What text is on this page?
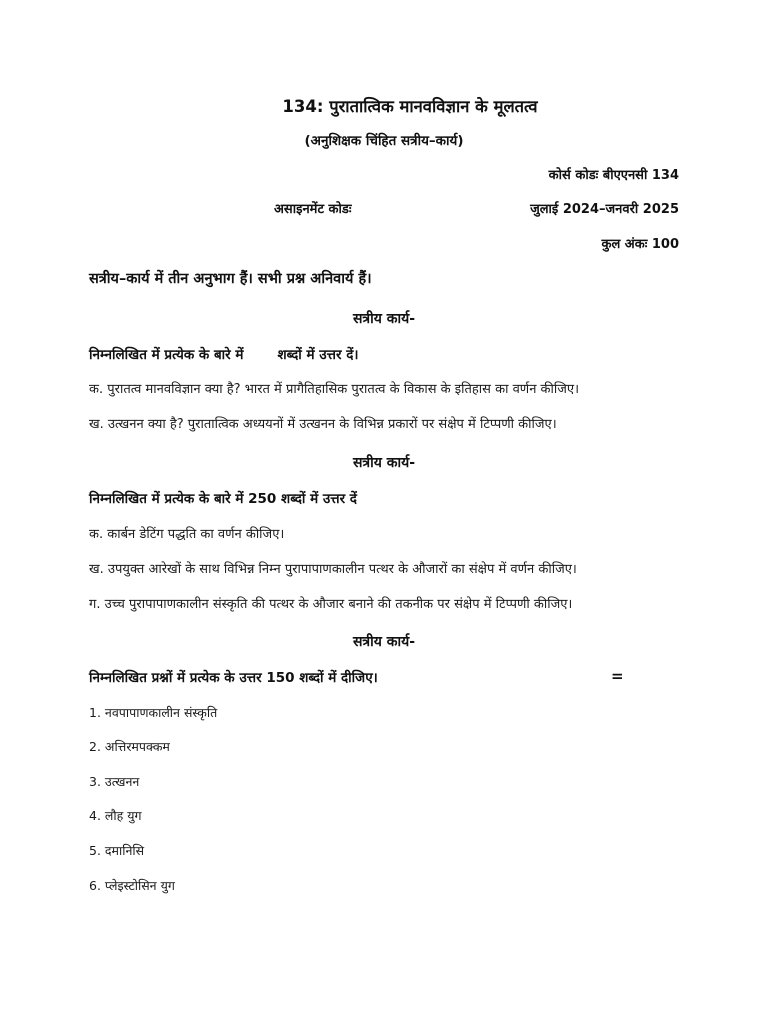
134: पुरातात्विक मानवविज्ञान के मूलतत्व
(अनुशिक्षक चिंहित सत्रीय–कार्य)
कोर्स कोडः बीएएनसी 134
असाइनमेंट कोडः	जुलाई 2024–जनवरी 2025
कुल अंकः 100
सत्रीय–कार्य में तीन अनुभाग हैं। सभी प्रश्न अनिवार्य हैं।
सत्रीय कार्य-
निम्नलिखित में प्रत्येक के बारे में	शब्दों में उत्तर दें।
क. पुरातत्व मानवविज्ञान क्या है? भारत में प्रागैतिहासिक पुरातत्व के विकास के इतिहास का वर्णन कीजिए।
ख. उत्खनन क्या है? पुरातात्विक अध्ययनों में उत्खनन के विभिन्न प्रकारों पर संक्षेप में टिप्पणी कीजिए।
सत्रीय कार्य-
निम्नलिखित में प्रत्येक के बारे में 250 शब्दों में उत्तर दें
क. कार्बन डेटिंग पद्धति का वर्णन कीजिए।
ख. उपयुक्त आरेखों के साथ विभिन्न निम्न पुरापापाणकालीन पत्थर के औजारों का संक्षेप में वर्णन कीजिए।
ग. उच्च पुरापापाणकालीन संस्कृति की पत्थर के औजार बनाने की तकनीक पर संक्षेप में टिप्पणी कीजिए।
सत्रीय कार्य-
निम्नलिखित प्रश्नों में प्रत्येक के उत्तर 150 शब्दों में दीजिए।	=
1. नवपापाणकालीन संस्कृति
2. अत्तिरमपक्कम
3. उत्खनन
4. लौह युग
5. दमानिसि
6. प्लेइस्टोसिन युग
